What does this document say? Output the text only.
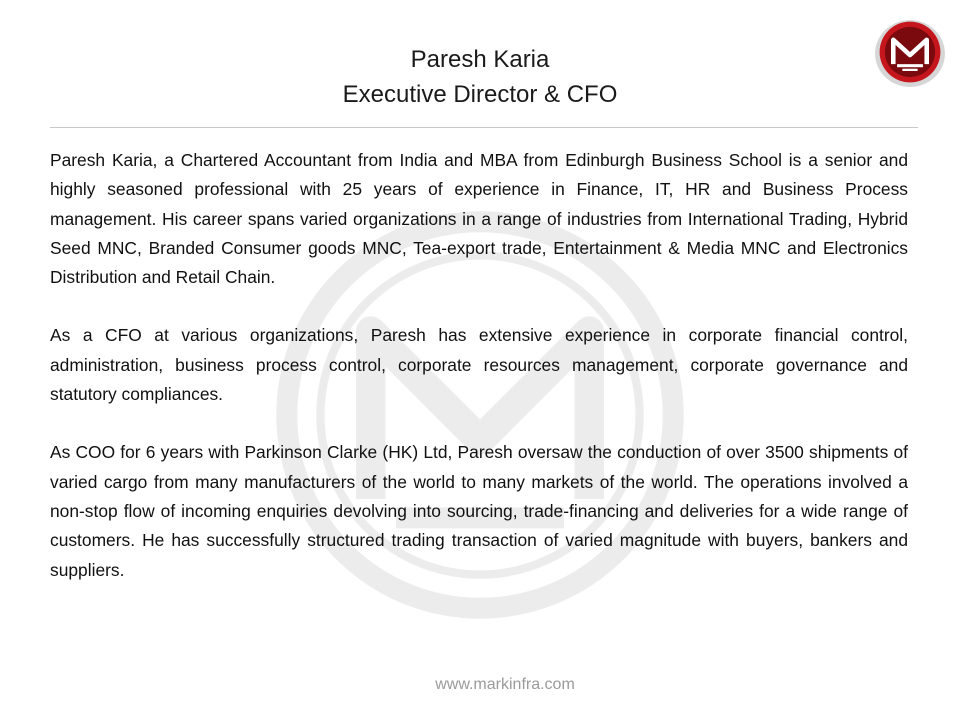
Paresh Karia
Executive Director & CFO

Paresh Karia, a Chartered Accountant from India and MBA from Edinburgh Business School is a senior and highly seasoned professional with 25 years of experience in Finance, IT, HR and Business Process management. His career spans varied organizations in a range of industries from International Trading, Hybrid Seed MNC, Branded Consumer goods MNC, Tea-export trade, Entertainment & Media MNC and Electronics Distribution and Retail Chain.

As a CFO at various organizations, Paresh has extensive experience in corporate financial control, administration, business process control, corporate resources management, corporate governance and statutory compliances.

As COO for 6 years with Parkinson Clarke (HK) Ltd, Paresh oversaw the conduction of over 3500 shipments of varied cargo from many manufacturers of the world to many markets of the world. The operations involved a non-stop flow of incoming enquiries devolving into sourcing, trade-financing and deliveries for a wide range of customers. He has successfully structured trading transaction of varied magnitude with buyers, bankers and suppliers.

www.markinfra.com
